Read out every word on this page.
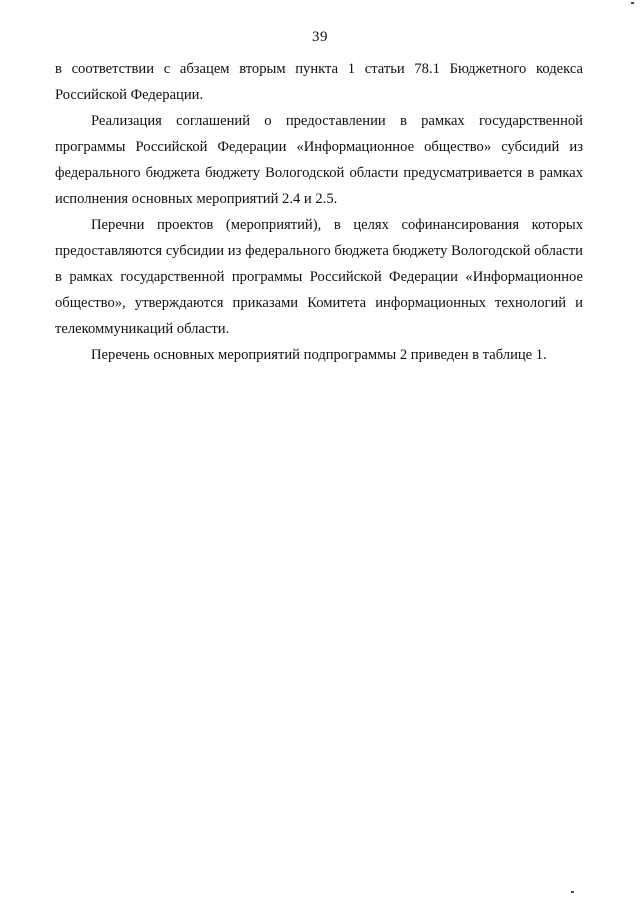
39

в соответствии с абзацем вторым пункта 1 статьи 78.1 Бюджетного кодекса Российской Федерации.

Реализация соглашений о предоставлении в рамках государственной программы Российской Федерации «Информационное общество» субсидий из федерального бюджета бюджету Вологодской области предусматривается в рамках исполнения основных мероприятий 2.4 и 2.5.

Перечни проектов (мероприятий), в целях софинансирования которых предоставляются субсидии из федерального бюджета бюджету Вологодской области в рамках государственной программы Российской Федерации «Информационное общество», утверждаются приказами Комитета информационных технологий и телекоммуникаций области.

Перечень основных мероприятий подпрограммы 2 приведен в таблице 1.
